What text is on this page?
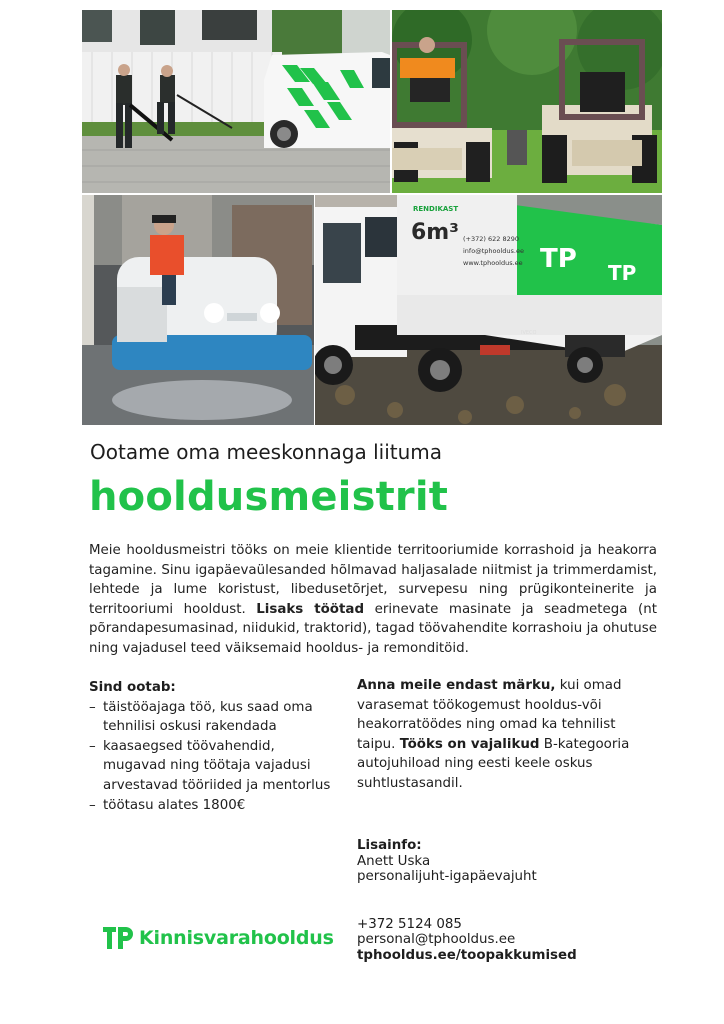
RENDIKAST
6m³ (+372) 622 8290
info@tphooldus.ee
www.tphooldus.ee TP TP
IVECO
Ootame oma meeskonnaga liituma
hooldusmeistrit
Meie hooldusmeistri tööks on meie klientide territooriumide korrashoid ja heakorra tagamine. Sinu igapäevaülesanded hõlmavad haljasalade niitmist ja trimmerdamist, lehtede ja lume koristust, libedusetõrjet, survepesu ning prügikonteinerite ja territooriumi hooldust. Lisaks töötad erinevate masinate ja seadmetega (nt põrandapesumasinad, niidukid, traktorid), tagad töövahendite korrashoiu ja ohutuse ning vajadusel teed väiksemaid hooldus- ja remonditöid.
Sind ootab:
– täistööajaga töö, kus saad oma tehnilisi oskusi rakendada
– kaasaegsed töövahendid, mugavad ning töötaja vajadusi arvestavad tööriided ja mentorlus
– töötasu alates 1800€
Anna meile endast märku, kui omad varasemat töökogemust hooldus-või heakorratöödes ning omad ka tehnilist taipu. Tööks on vajalikud B-kategooria autojuhiload ning eesti keele oskus suhtlustasandil.
Lisainfo:
Anett Uska
personalijuht-igapäevajuht
+372 5124 085
personal@tphooldus.ee
tphooldus.ee/toopakkumised
Kinnisvarahooldus
